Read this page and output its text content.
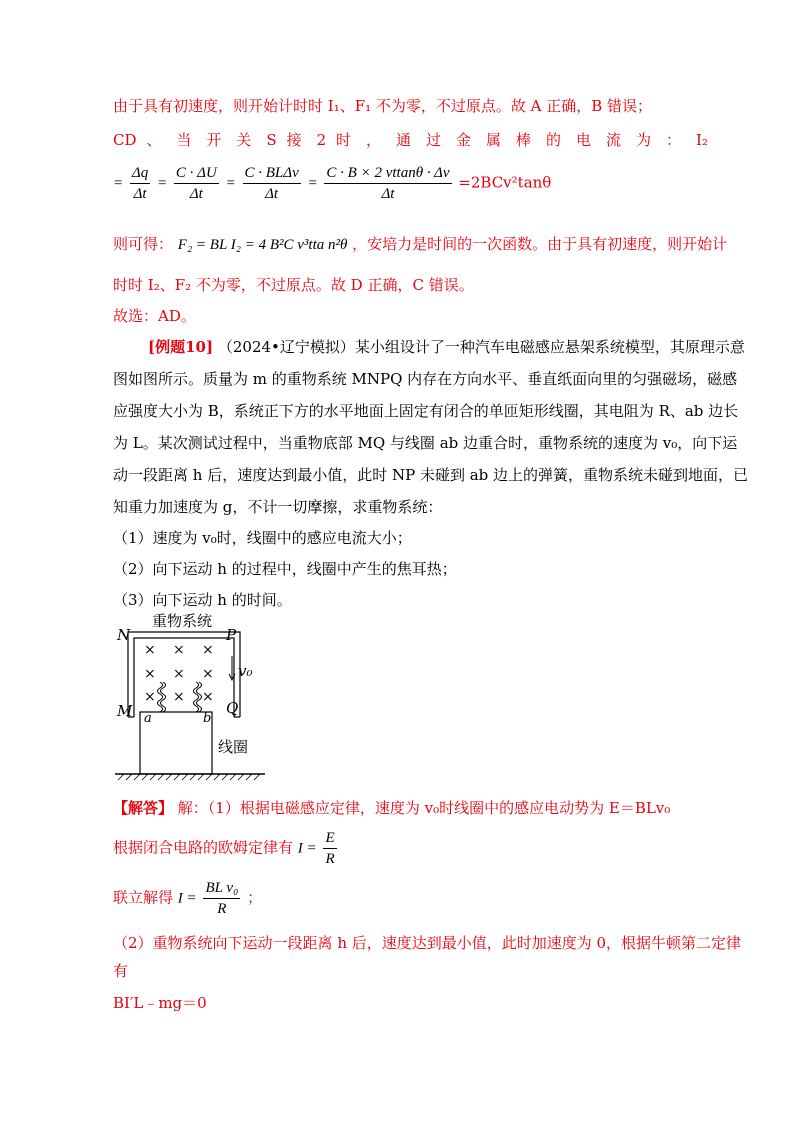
由于具有初速度，则开始计时时 I₁、F₁ 不为零，不过原点。故 A 正确，B 错误；
CD 、 当 开 关 S 接 2 时 ， 通 过 金 属 棒 的 电 流 为 ： I₂
= $\frac{\Delta q}{\Delta t} = \frac{C \cdot \Delta U}{\Delta t} = \frac{\text{C · BLΔv}}{\Delta t} = \frac{C \cdot B \times 2 vttan\theta \cdot \Delta v}{\Delta t} =2BCv^2\tan\theta$
则可得： F₂ = BL I₂ = 4 B²C v³tta n²θ ，安培力是时间的一次函数。由于具有初速度，则开始计
时时 I₂、F₂ 不为零，不过原点。故 D 正确，C 错误。
故选：AD。
[例题10] （2024•辽宁模拟）某小组设计了一种汽车电磁感应悬架系统模型，其原理示意
图如图所示。质量为 m 的重物系统 MNPQ 内存在方向水平、垂直纸面向里的匀强磁场，磁感
应强度大小为 B，系统正下方的水平地面上固定有闭合的单匝矩形线圈，其电阻为 R、ab 边长
为 L。某次测试过程中，当重物底部 MQ 与线圈 ab 边重合时，重物系统的速度为 v₀，向下运
动一段距离 h 后，速度达到最小值，此时 NP 未碰到 ab 边上的弹簧，重物系统未碰到地面，已
知重力加速度为 g，不计一切摩擦，求重物系统：
（1）速度为 v₀时，线圈中的感应电流大小；
（2）向下运动 h 的过程中，线圈中产生的焦耳热；
（3）向下运动 h 的时间。
N	P
M	Q
a	b
v₀
重物系统
线圈
× × ×
× × ×
× × ×
【解答】 解：（1）根据电磁感应定律，速度为 v₀时线圈中的感应电动势为 E＝BLv₀
根据闭合电路的欧姆定律有 $I = \frac{E}{R}$
联立解得 $I = \frac{\text{BL v₀}}{R}$ ；
（2）重物系统向下运动一段距离 h 后，速度达到最小值，此时加速度为 0，根据牛顿第二定律
有
BI′L﹣mg＝0
